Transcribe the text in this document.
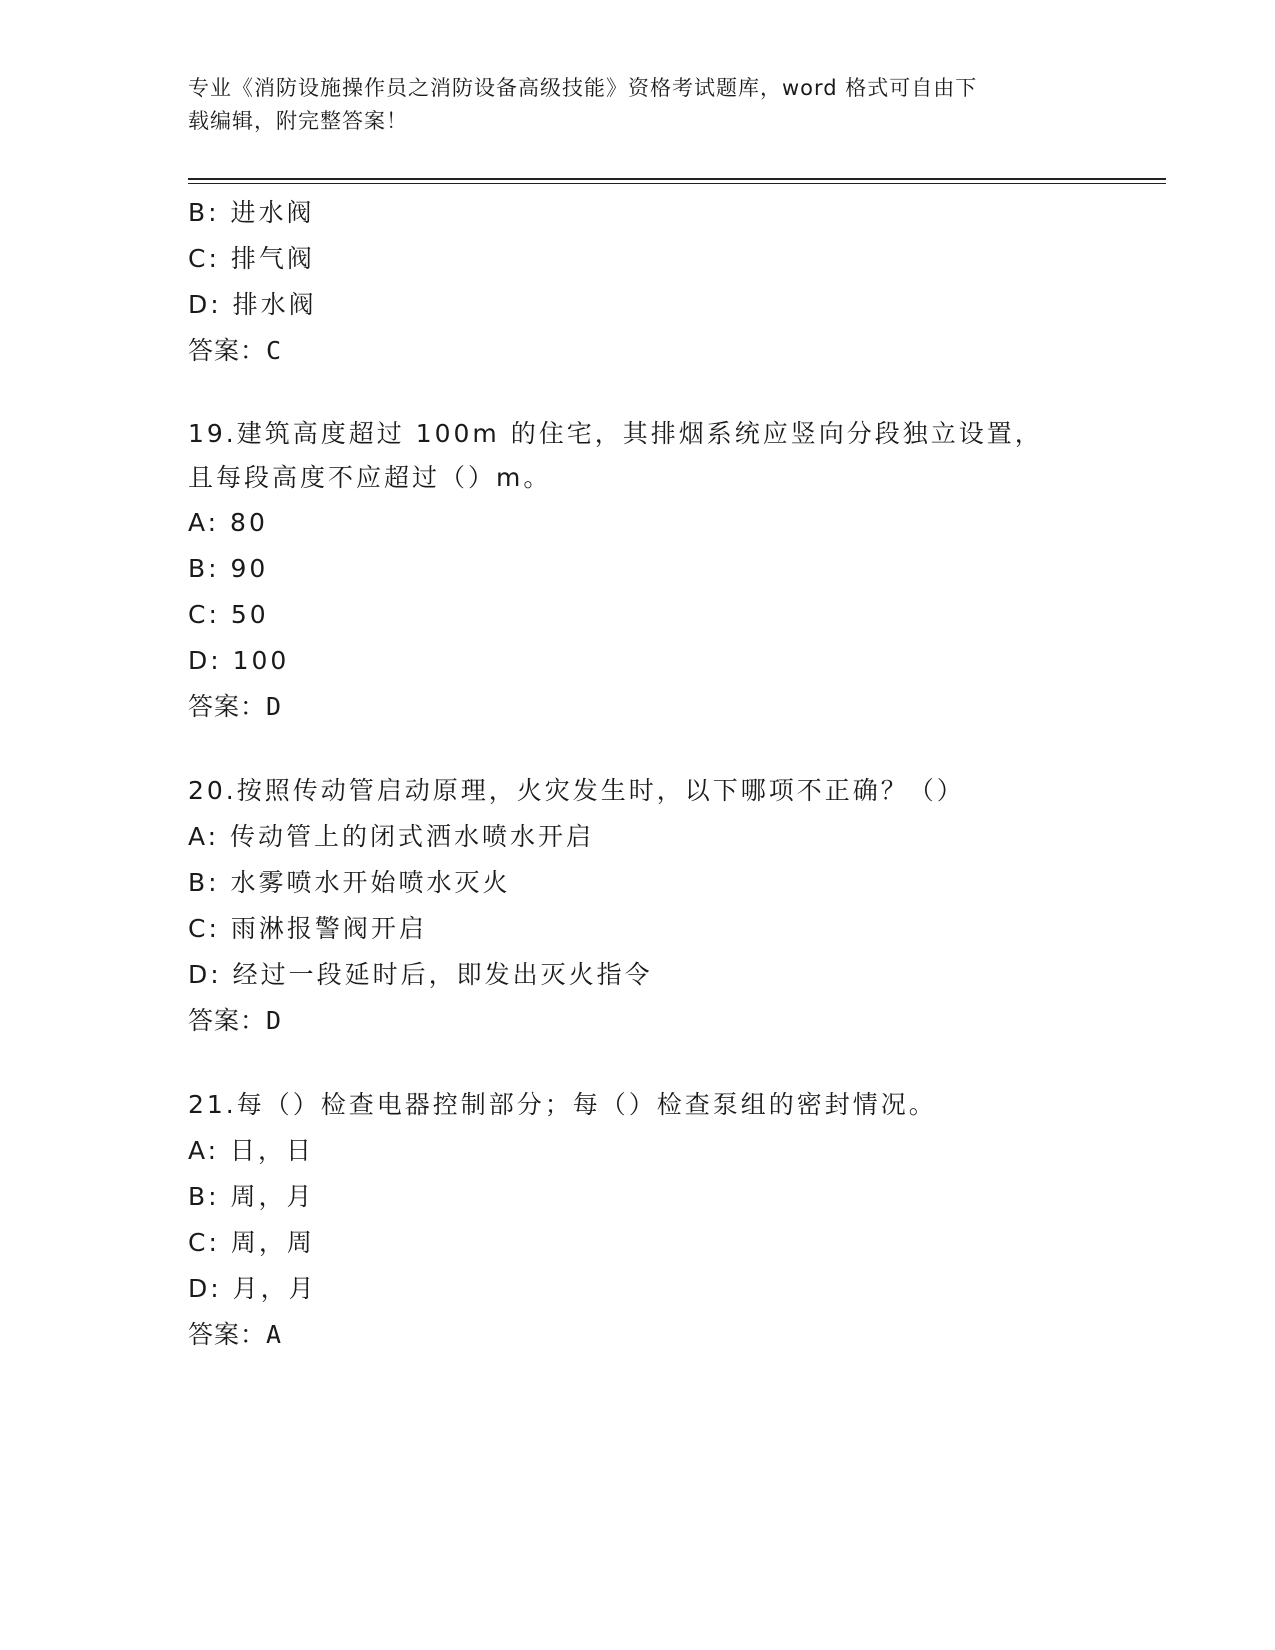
专业《消防设施操作员之消防设备高级技能》资格考试题库，word 格式可自由下
载编辑，附完整答案！
B: 进水阀
C: 排气阀
D: 排水阀
答案：C
19.建筑高度超过 100m 的住宅，其排烟系统应竖向分段独立设置，且每段高度不应超过（）m。
A: 80
B: 90
C: 50
D: 100
答案：D
20.按照传动管启动原理，火灾发生时，以下哪项不正确？（）
A: 传动管上的闭式洒水喷水开启
B: 水雾喷水开始喷水灭火
C: 雨淋报警阀开启
D: 经过一段延时后，即发出灭火指令
答案：D
21.每（）检查电器控制部分；每（）检查泵组的密封情况。
A: 日，日
B: 周，月
C: 周，周
D: 月，月
答案：A
